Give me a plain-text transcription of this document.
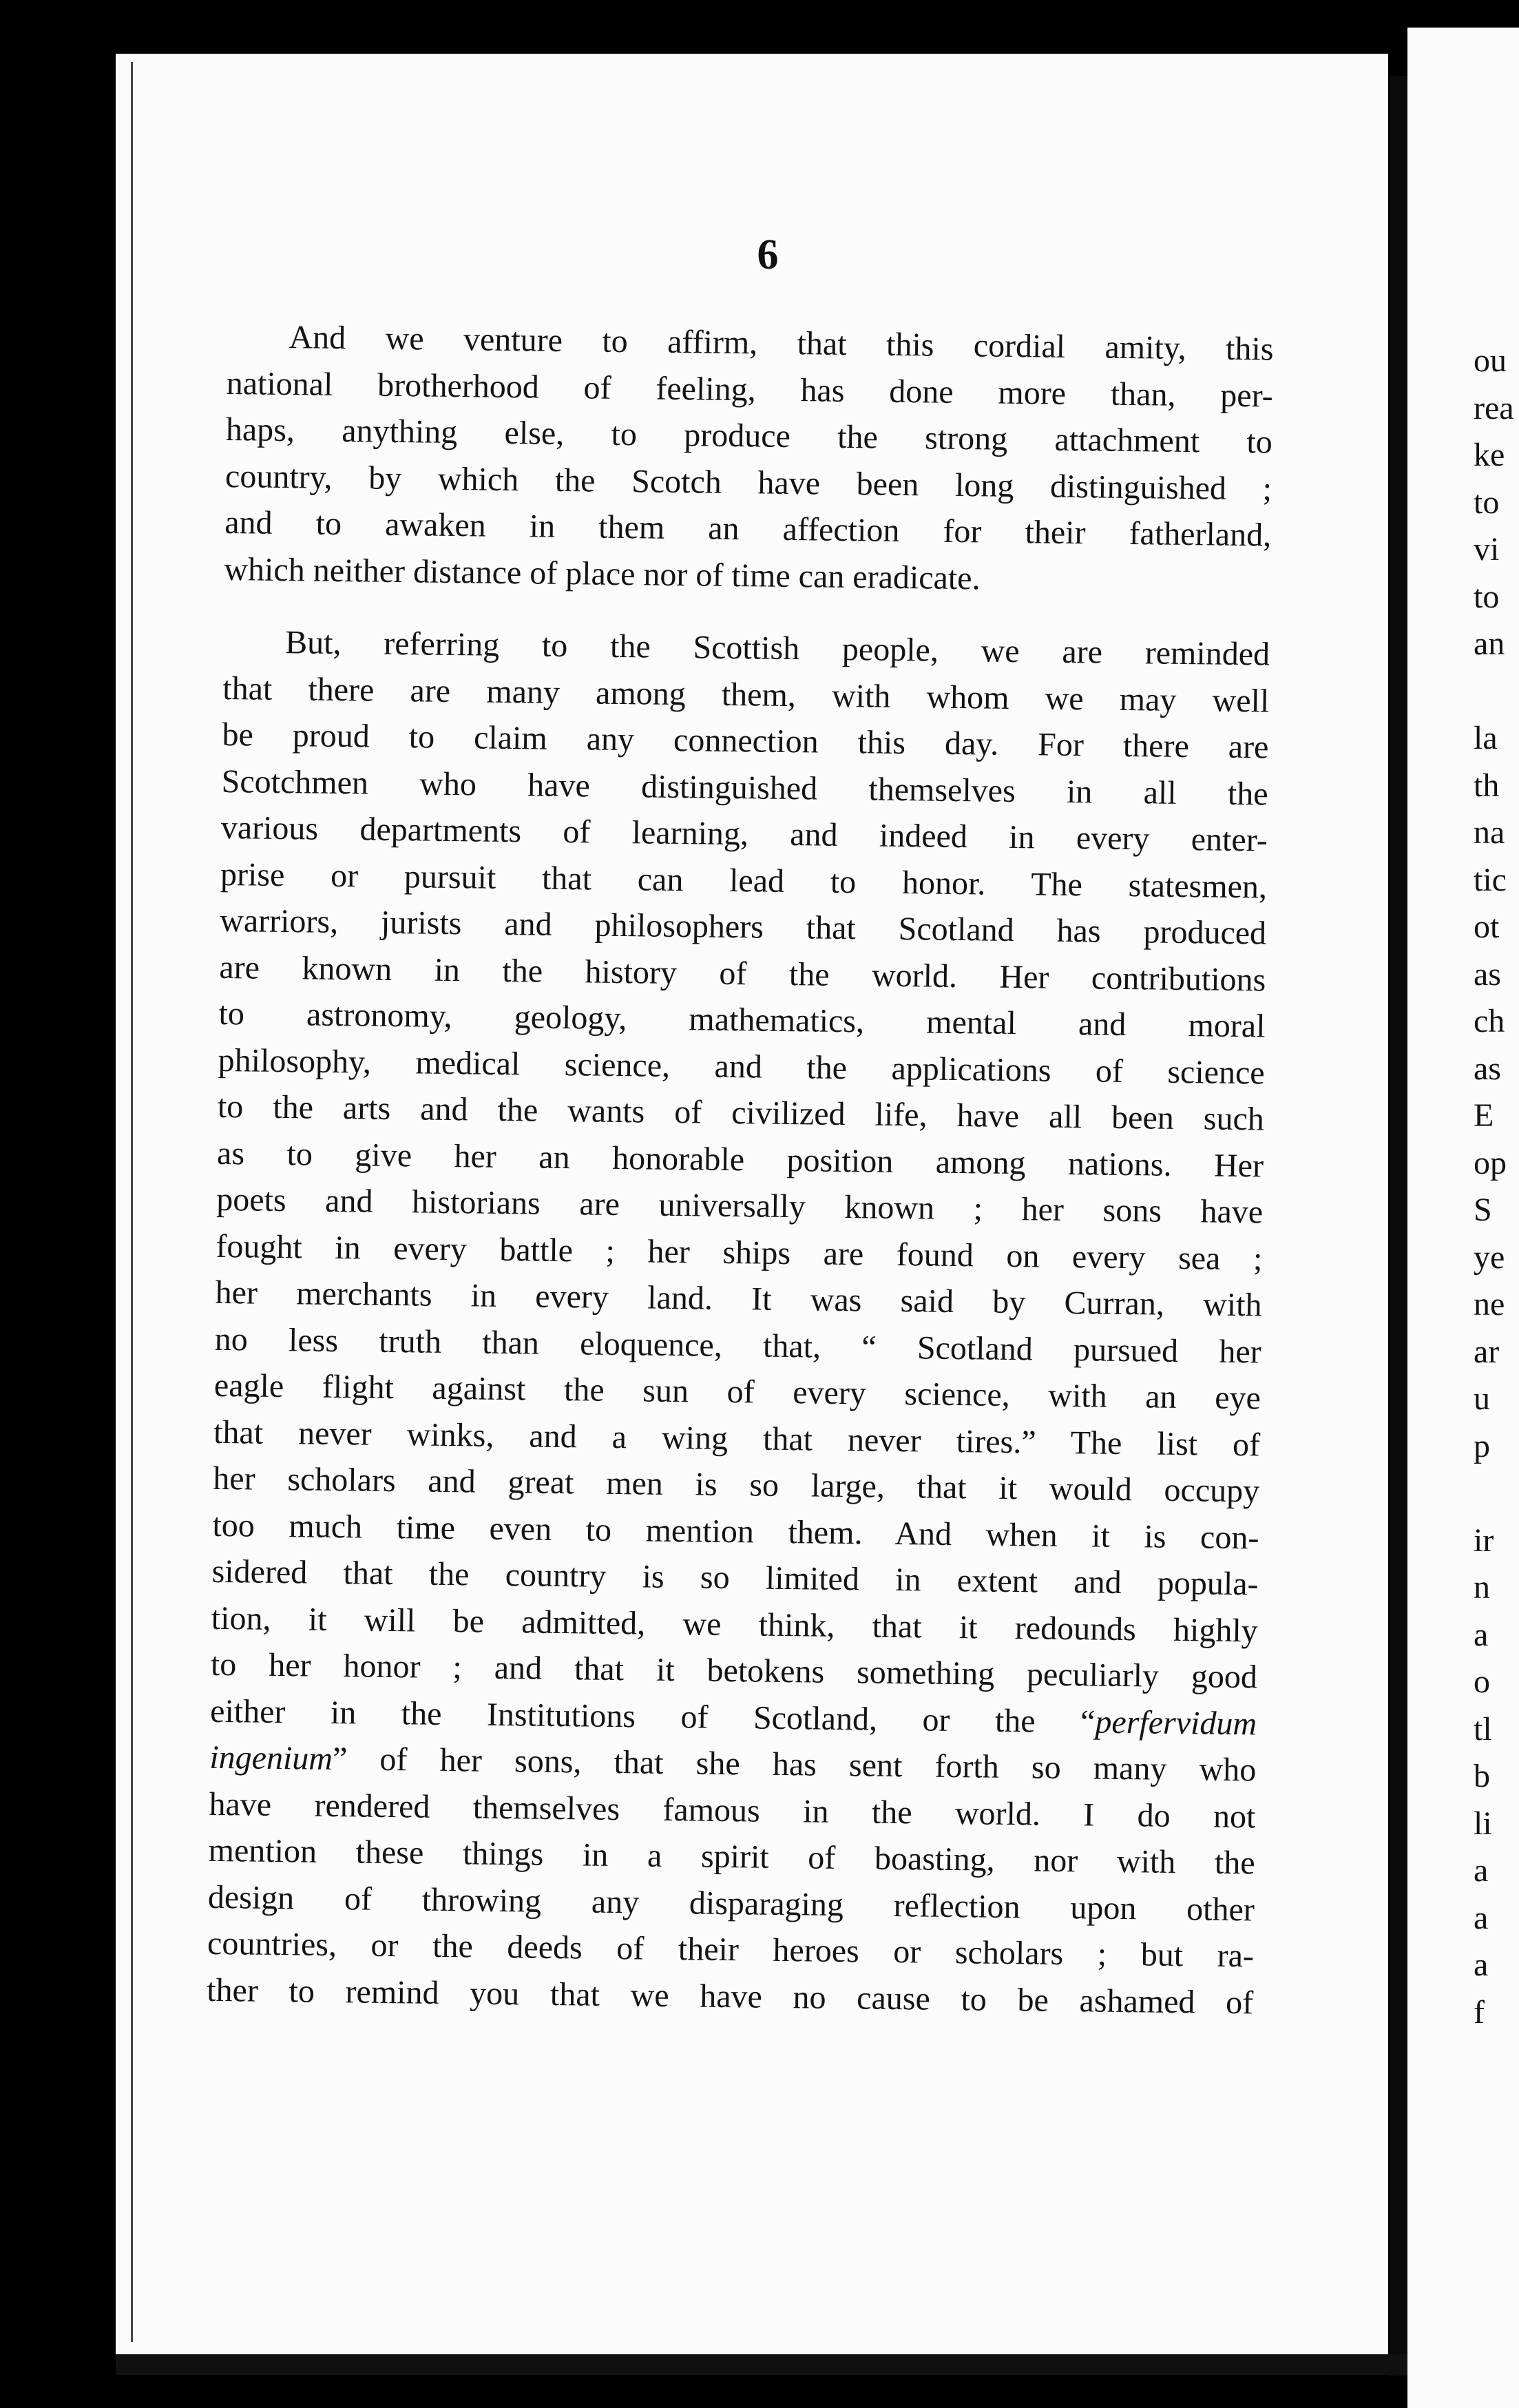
6

And we venture to affirm, that this cordial amity, this
national brotherhood of feeling, has done more than, per-
haps, anything else, to produce the strong attachment to
country, by which the Scotch have been long distinguished ;
and to awaken in them an affection for their fatherland,
which neither distance of place nor of time can eradicate.

But, referring to the Scottish people, we are reminded
that there are many among them, with whom we may well
be proud to claim any connection this day. For there are
Scotchmen who have distinguished themselves in all the
various departments of learning, and indeed in every enter-
prise or pursuit that can lead to honor. The statesmen,
warriors, jurists and philosophers that Scotland has produced
are known in the history of the world. Her contributions
to astronomy, geology, mathematics, mental and moral
philosophy, medical science, and the applications of science
to the arts and the wants of civilized life, have all been such
as to give her an honorable position among nations. Her
poets and historians are universally known ; her sons have
fought in every battle ; her ships are found on every sea ;
her merchants in every land. It was said by Curran, with
no less truth than eloquence, that, “ Scotland pursued her
eagle flight against the sun of every science, with an eye
that never winks, and a wing that never tires.” The list of
her scholars and great men is so large, that it would occupy
too much time even to mention them. And when it is con-
sidered that the country is so limited in extent and popula-
tion, it will be admitted, we think, that it redounds highly
to her honor ; and that it betokens something peculiarly good
either in the Institutions of Scotland, or the “perfervidum
ingenium” of her sons, that she has sent forth so many who
have rendered themselves famous in the world. I do not
mention these things in a spirit of boasting, nor with the
design of throwing any disparaging reflection upon other
countries, or the deeds of their heroes or scholars ; but ra-
ther to remind you that we have no cause to be ashamed of

ou
rea
ke
to
vi
to
an
la
th
na
tic
ot
as
ch
as
E
op
S
ye
ne
ar
u
p
ir
n
a
o
tl
b
li
a
a
a
f
